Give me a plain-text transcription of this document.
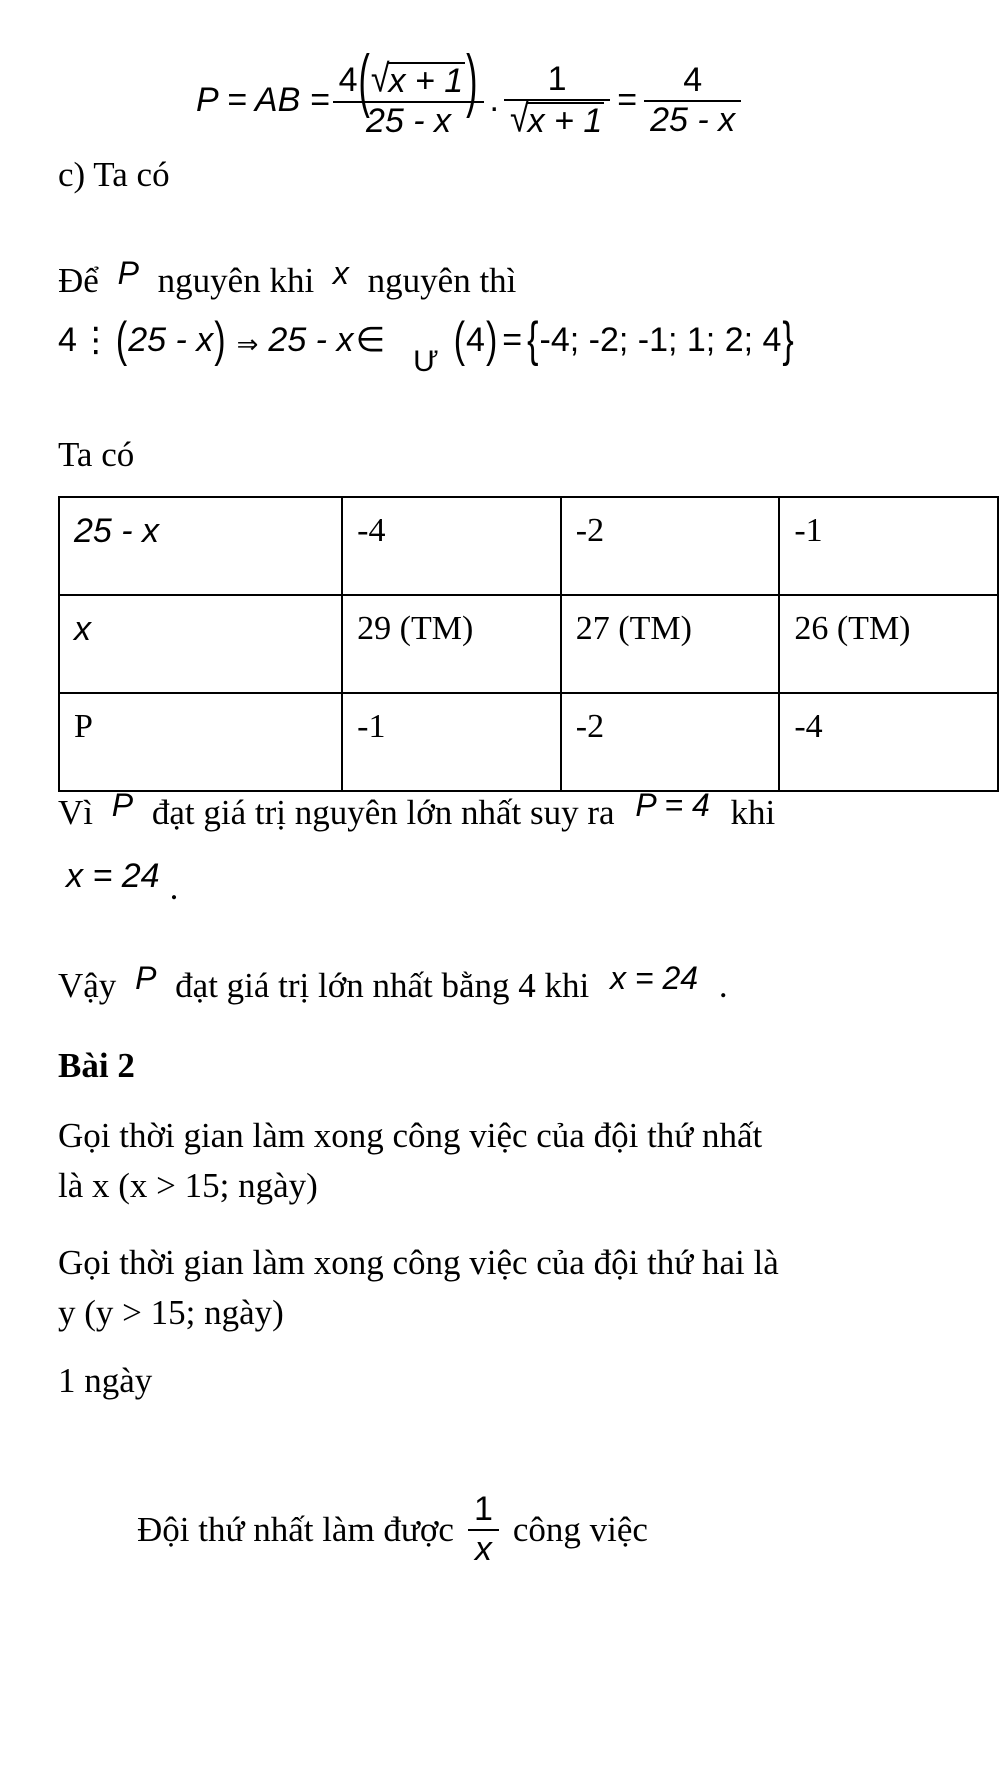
c) Ta có
P = AB =
4 ( √ x + 1 )
25 - x
. $\frac{1}{√ x + 1} = \frac{4}{25 - x}$
Để P nguyên khi x nguyên thì
4 ⋮ ( 25 - x ) ⇒ 25 - x ∈
Ư ( 4 ) = { -4; -2; -1; 1; 2; 4 }
Ta có
25 - x	-4	-2	-1
x	29 (TM)	27 (TM)	26 (TM)
P	-1	-2	-4
Vì P đạt giá trị nguyên lớn nhất suy ra P = 4 khi
x = 24 .
Vậy P đạt giá trị lớn nhất bằng 4 khi x = 24 .
Bài 2
Gọi thời gian làm xong công việc của đội thứ nhất
là x (x > 15; ngày)
Gọi thời gian làm xong công việc của đội thứ hai là
y (y > 15; ngày)
1 ngày
Đội thứ nhất làm được $\frac{1}{x}$ công việc
